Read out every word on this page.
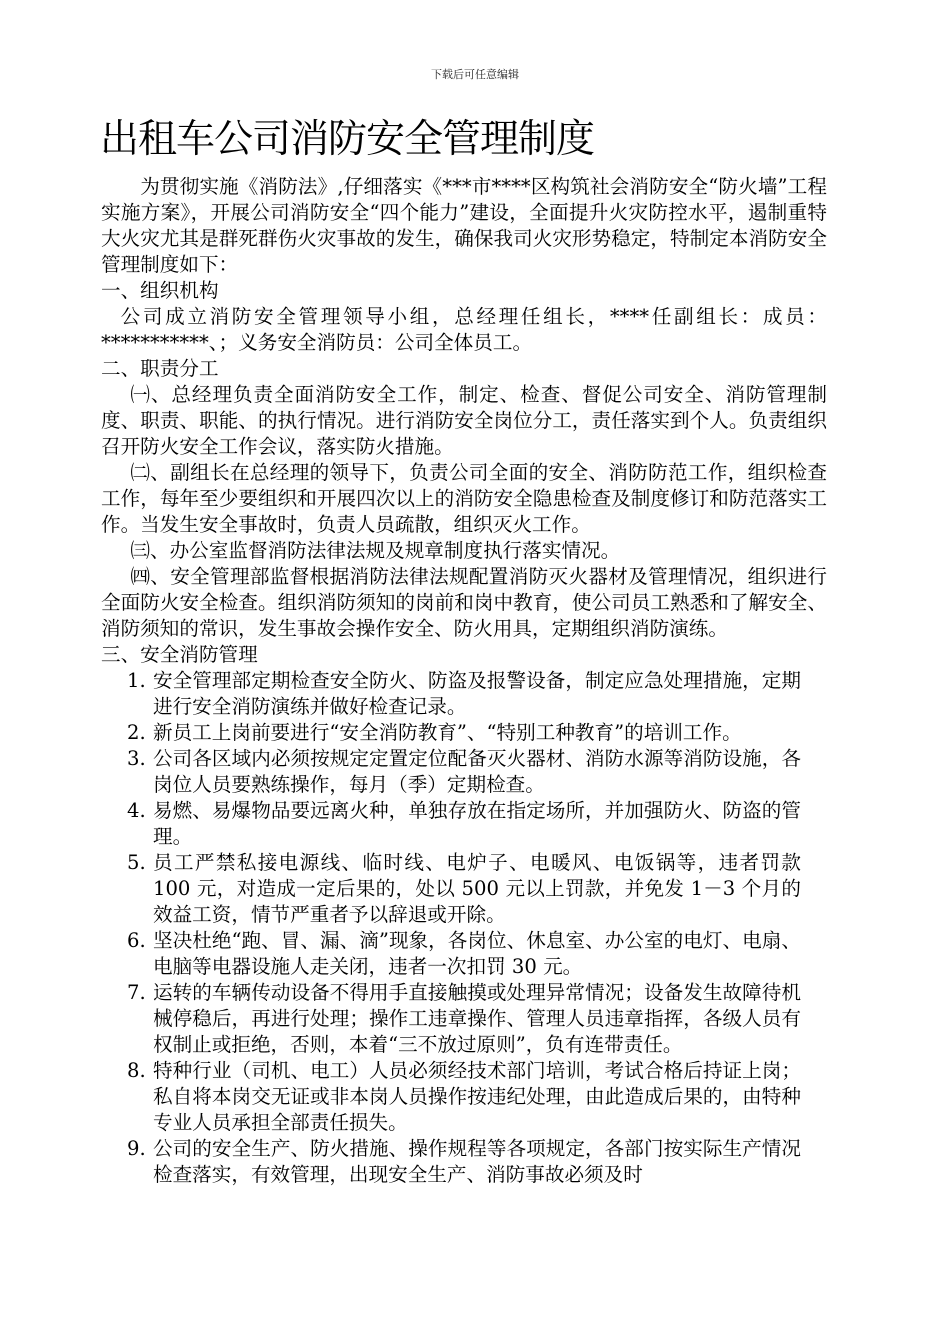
下载后可任意编辑
出租车公司消防安全管理制度

为贯彻实施《消防法》,仔细落实《***市****区构筑社会消防安全“防火墙”工程实施方案》，开展公司消防安全“四个能力”建设，全面提升火灾防控水平，遏制重特大火灾尤其是群死群伤火灾事故的发生，确保我司火灾形势稳定，特制定本消防安全管理制度如下：

一、组织机构

公司成立消防安全管理领导小组，总经理任组长，****任副组长：成员：***********、；义务安全消防员：公司全体员工。

二、职责分工

㈠、总经理负责全面消防安全工作，制定、检查、督促公司安全、消防管理制度、职责、职能、的执行情况。进行消防安全岗位分工，责任落实到个人。负责组织召开防火安全工作会议，落实防火措施。

㈡、副组长在总经理的领导下，负责公司全面的安全、消防防范工作，组织检查工作，每年至少要组织和开展四次以上的消防安全隐患检查及制度修订和防范落实工作。当发生安全事故时，负责人员疏散，组织灭火工作。

㈢、办公室监督消防法律法规及规章制度执行落实情况。

㈣、安全管理部监督根据消防法律法规配置消防灭火器材及管理情况，组织进行全面防火安全检查。组织消防须知的岗前和岗中教育，使公司员工熟悉和了解安全、消防须知的常识，发生事故会操作安全、防火用具，定期组织消防演练。

三、安全消防管理

1. 安全管理部定期检查安全防火、防盗及报警设备，制定应急处理措施，定期进行安全消防演练并做好检查记录。
2. 新员工上岗前要进行“安全消防教育”、“特别工种教育”的培训工作。
3. 公司各区域内必须按规定定置定位配备灭火器材、消防水源等消防设施，各岗位人员要熟练操作，每月（季）定期检查。
4. 易燃、易爆物品要远离火种，单独存放在指定场所，并加强防火、防盗的管理。
5. 员工严禁私接电源线、临时线、电炉子、电暖风、电饭锅等，违者罚款 100 元，对造成一定后果的，处以 500 元以上罚款，并免发 1－3 个月的效益工资，情节严重者予以辞退或开除。
6. 坚决杜绝“跑、冒、漏、滴”现象，各岗位、休息室、办公室的电灯、电扇、电脑等电器设施人走关闭，违者一次扣罚 30 元。
7. 运转的车辆传动设备不得用手直接触摸或处理异常情况；设备发生故障待机械停稳后，再进行处理；操作工违章操作、管理人员违章指挥，各级人员有权制止或拒绝，否则，本着“三不放过原则”，负有连带责任。
8. 特种行业（司机、电工）人员必须经技术部门培训，考试合格后持证上岗；私自将本岗交无证或非本岗人员操作按违纪处理，由此造成后果的，由特种专业人员承担全部责任损失。
9. 公司的安全生产、防火措施、操作规程等各项规定，各部门按实际生产情况检查落实，有效管理，出现安全生产、消防事故必须及时
